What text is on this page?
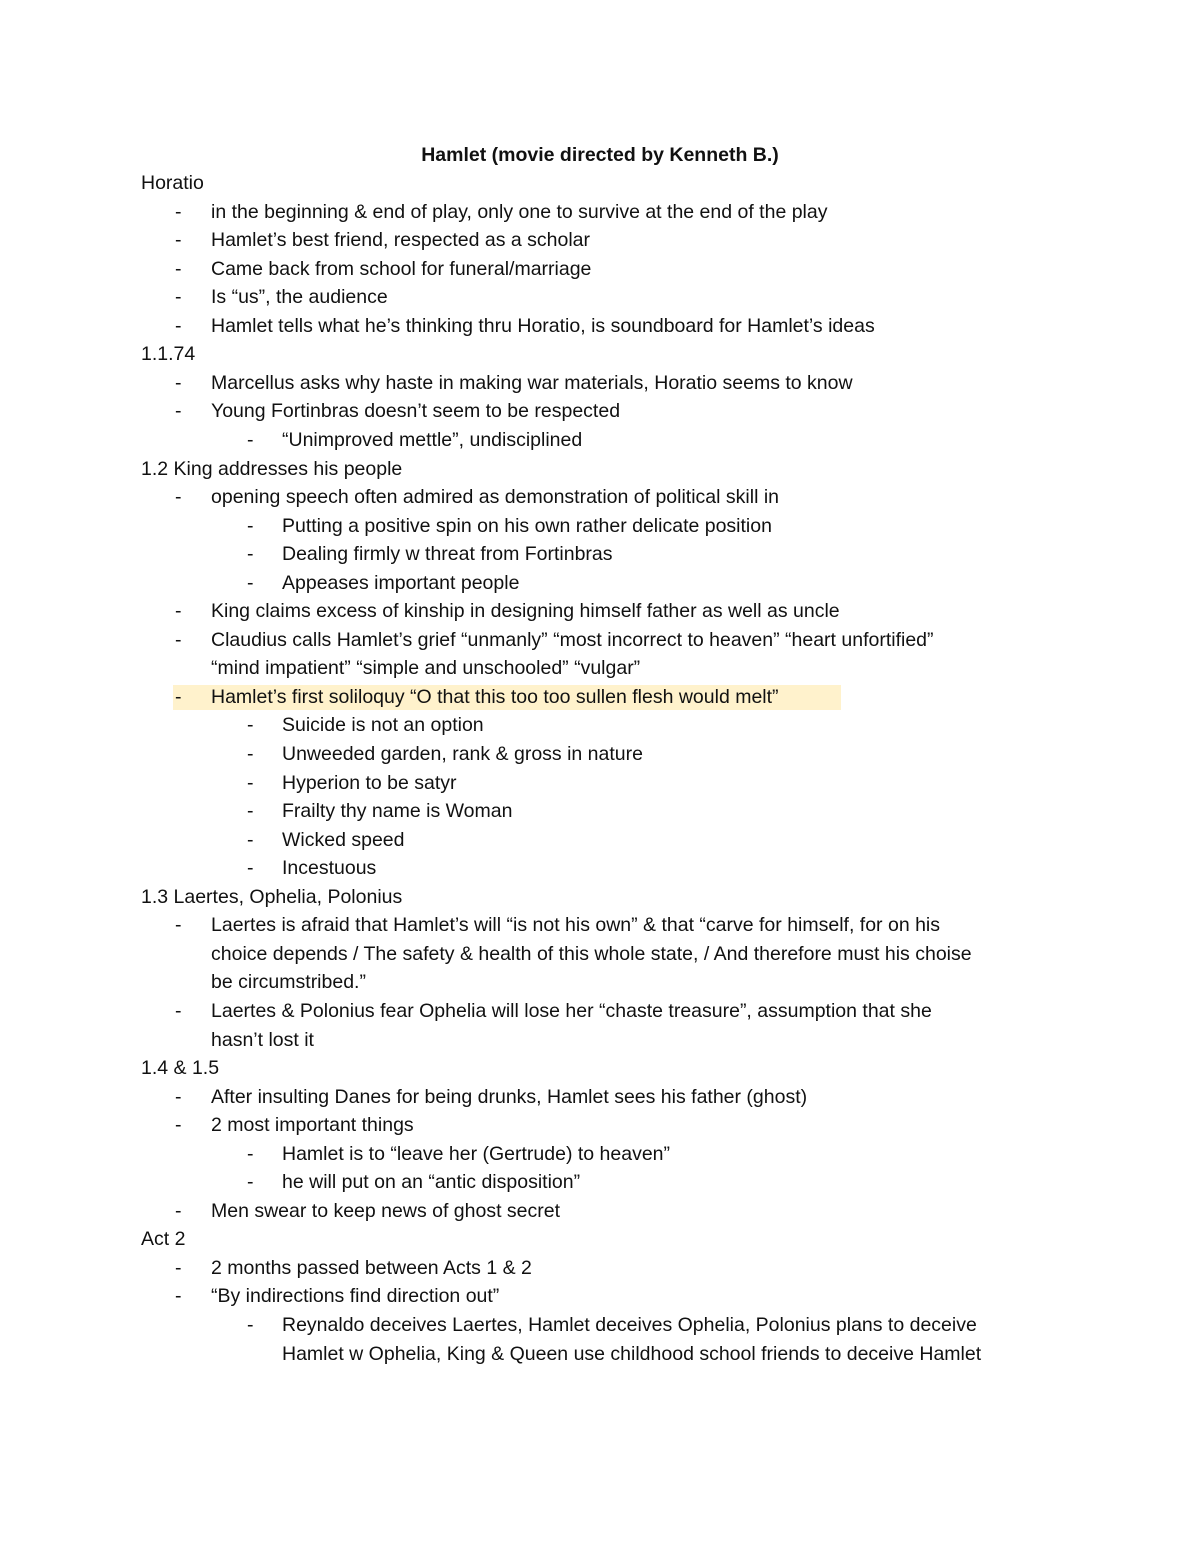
Hamlet (movie directed by Kenneth B.)
Horatio
- in the beginning & end of play, only one to survive at the end of the play
- Hamlet’s best friend, respected as a scholar
- Came back from school for funeral/marriage
- Is “us”, the audience
- Hamlet tells what he’s thinking thru Horatio, is soundboard for Hamlet’s ideas
1.1.74
- Marcellus asks why haste in making war materials, Horatio seems to know
- Young Fortinbras doesn’t seem to be respected
- “Unimproved mettle”, undisciplined
1.2 King addresses his people
- opening speech often admired as demonstration of political skill in
- Putting a positive spin on his own rather delicate position
- Dealing firmly w threat from Fortinbras
- Appeases important people
- King claims excess of kinship in designing himself father as well as uncle
- Claudius calls Hamlet’s grief “unmanly” “most incorrect to heaven” “heart unfortified”
“mind impatient” “simple and unschooled” “vulgar”
- Hamlet’s first soliloquy “O that this too too sullen flesh would melt”
- Suicide is not an option
- Unweeded garden, rank & gross in nature
- Hyperion to be satyr
- Frailty thy name is Woman
- Wicked speed
- Incestuous
1.3 Laertes, Ophelia, Polonius
- Laertes is afraid that Hamlet’s will “is not his own” & that “carve for himself, for on his
choice depends / The safety & health of this whole state, / And therefore must his choise
be circumstribed.”
- Laertes & Polonius fear Ophelia will lose her “chaste treasure”, assumption that she
hasn’t lost it
1.4 & 1.5
- After insulting Danes for being drunks, Hamlet sees his father (ghost)
- 2 most important things
- Hamlet is to “leave her (Gertrude) to heaven”
- he will put on an “antic disposition”
- Men swear to keep news of ghost secret
Act 2
- 2 months passed between Acts 1 & 2
- “By indirections find direction out”
- Reynaldo deceives Laertes, Hamlet deceives Ophelia, Polonius plans to deceive
Hamlet w Ophelia, King & Queen use childhood school friends to deceive Hamlet
